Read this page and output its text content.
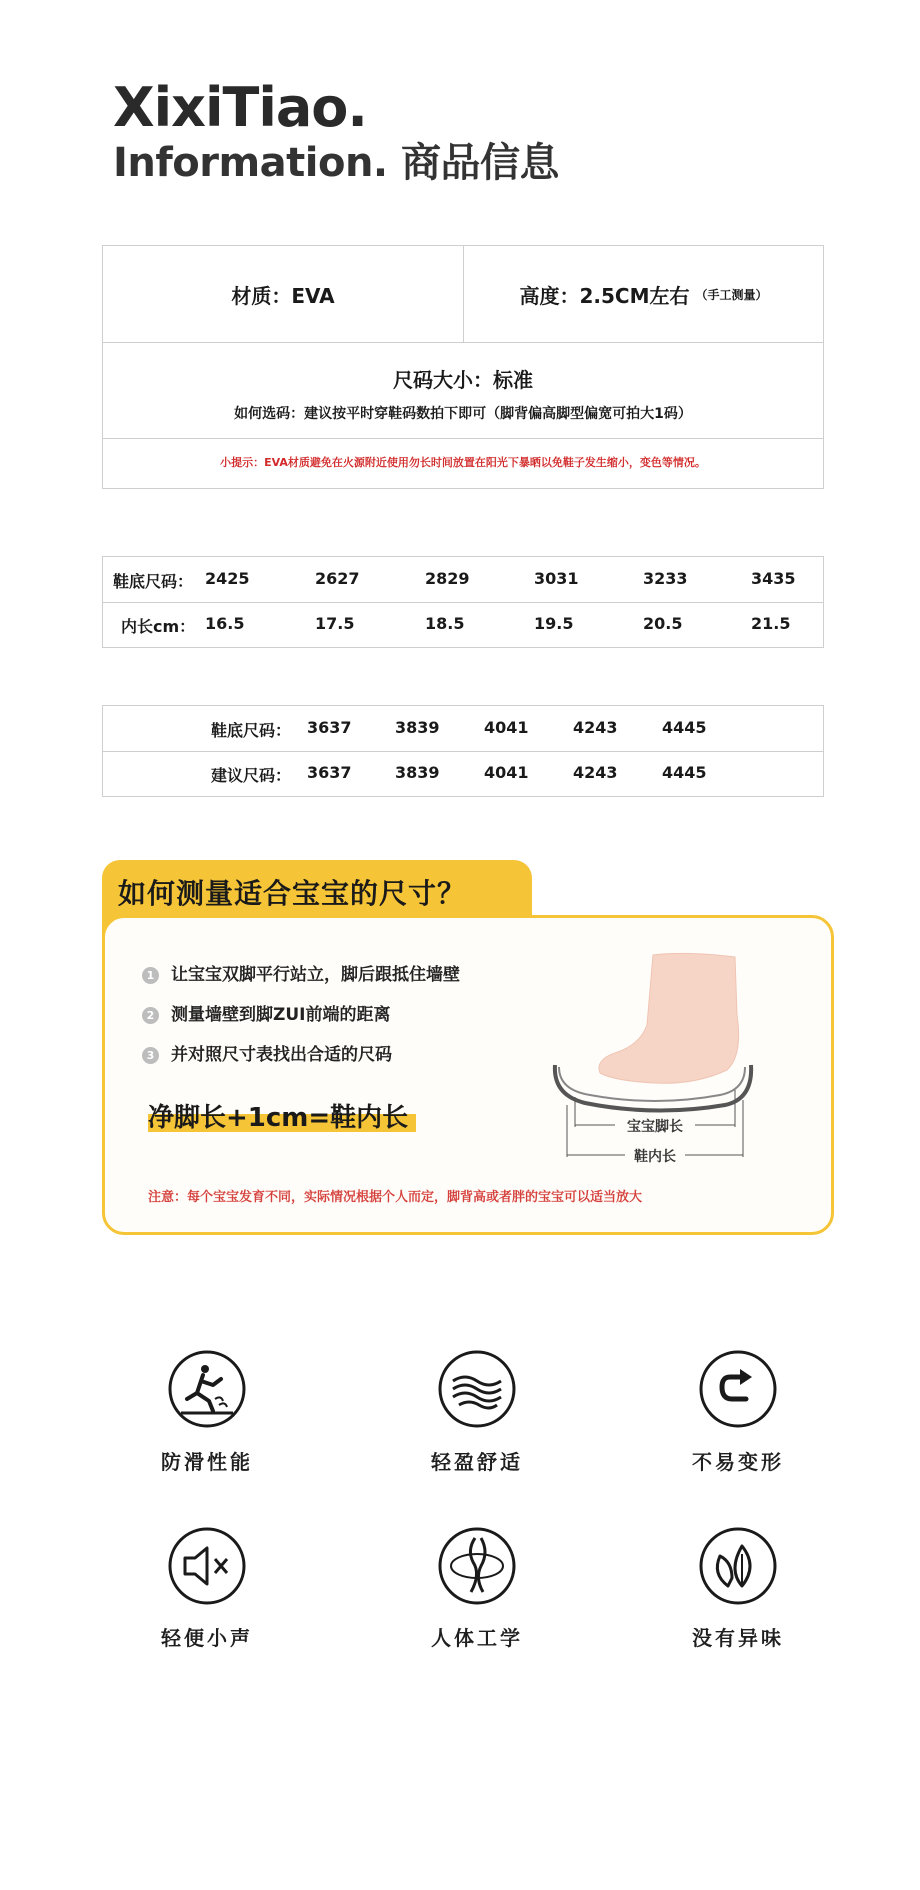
XixiTiao.
Information. 商品信息
材质：EVA	高度：2.5CM左右 （手工测量）
尺码大小：标准
如何选码：建议按平时穿鞋码数拍下即可（脚背偏高脚型偏宽可拍大1码）
小提示：EVA材质避免在火源附近使用勿长时间放置在阳光下暴晒以免鞋子发生缩小，变色等情况。
鞋底尺码： 2425	2627	2829	3031	3233	3435
内长cm： 16.5	17.5	18.5	19.5	20.5	21.5
鞋底尺码： 3637	3839	4041	4243	4445
建议尺码： 3637	3839	4041	4243	4445
如何测量适合宝宝的尺寸？
1 让宝宝双脚平行站立，脚后跟抵住墙壁
2 测量墙壁到脚ZUI前端的距离
3 并对照尺寸表找出合适的尺码
净脚长+1cm=鞋内长	宝宝脚长
鞋内长
注意：每个宝宝发育不同，实际情况根据个人而定，脚背高或者胖的宝宝可以适当放大
防滑性能	轻盈舒适	不易变形
轻便小声	人体工学	没有异味
